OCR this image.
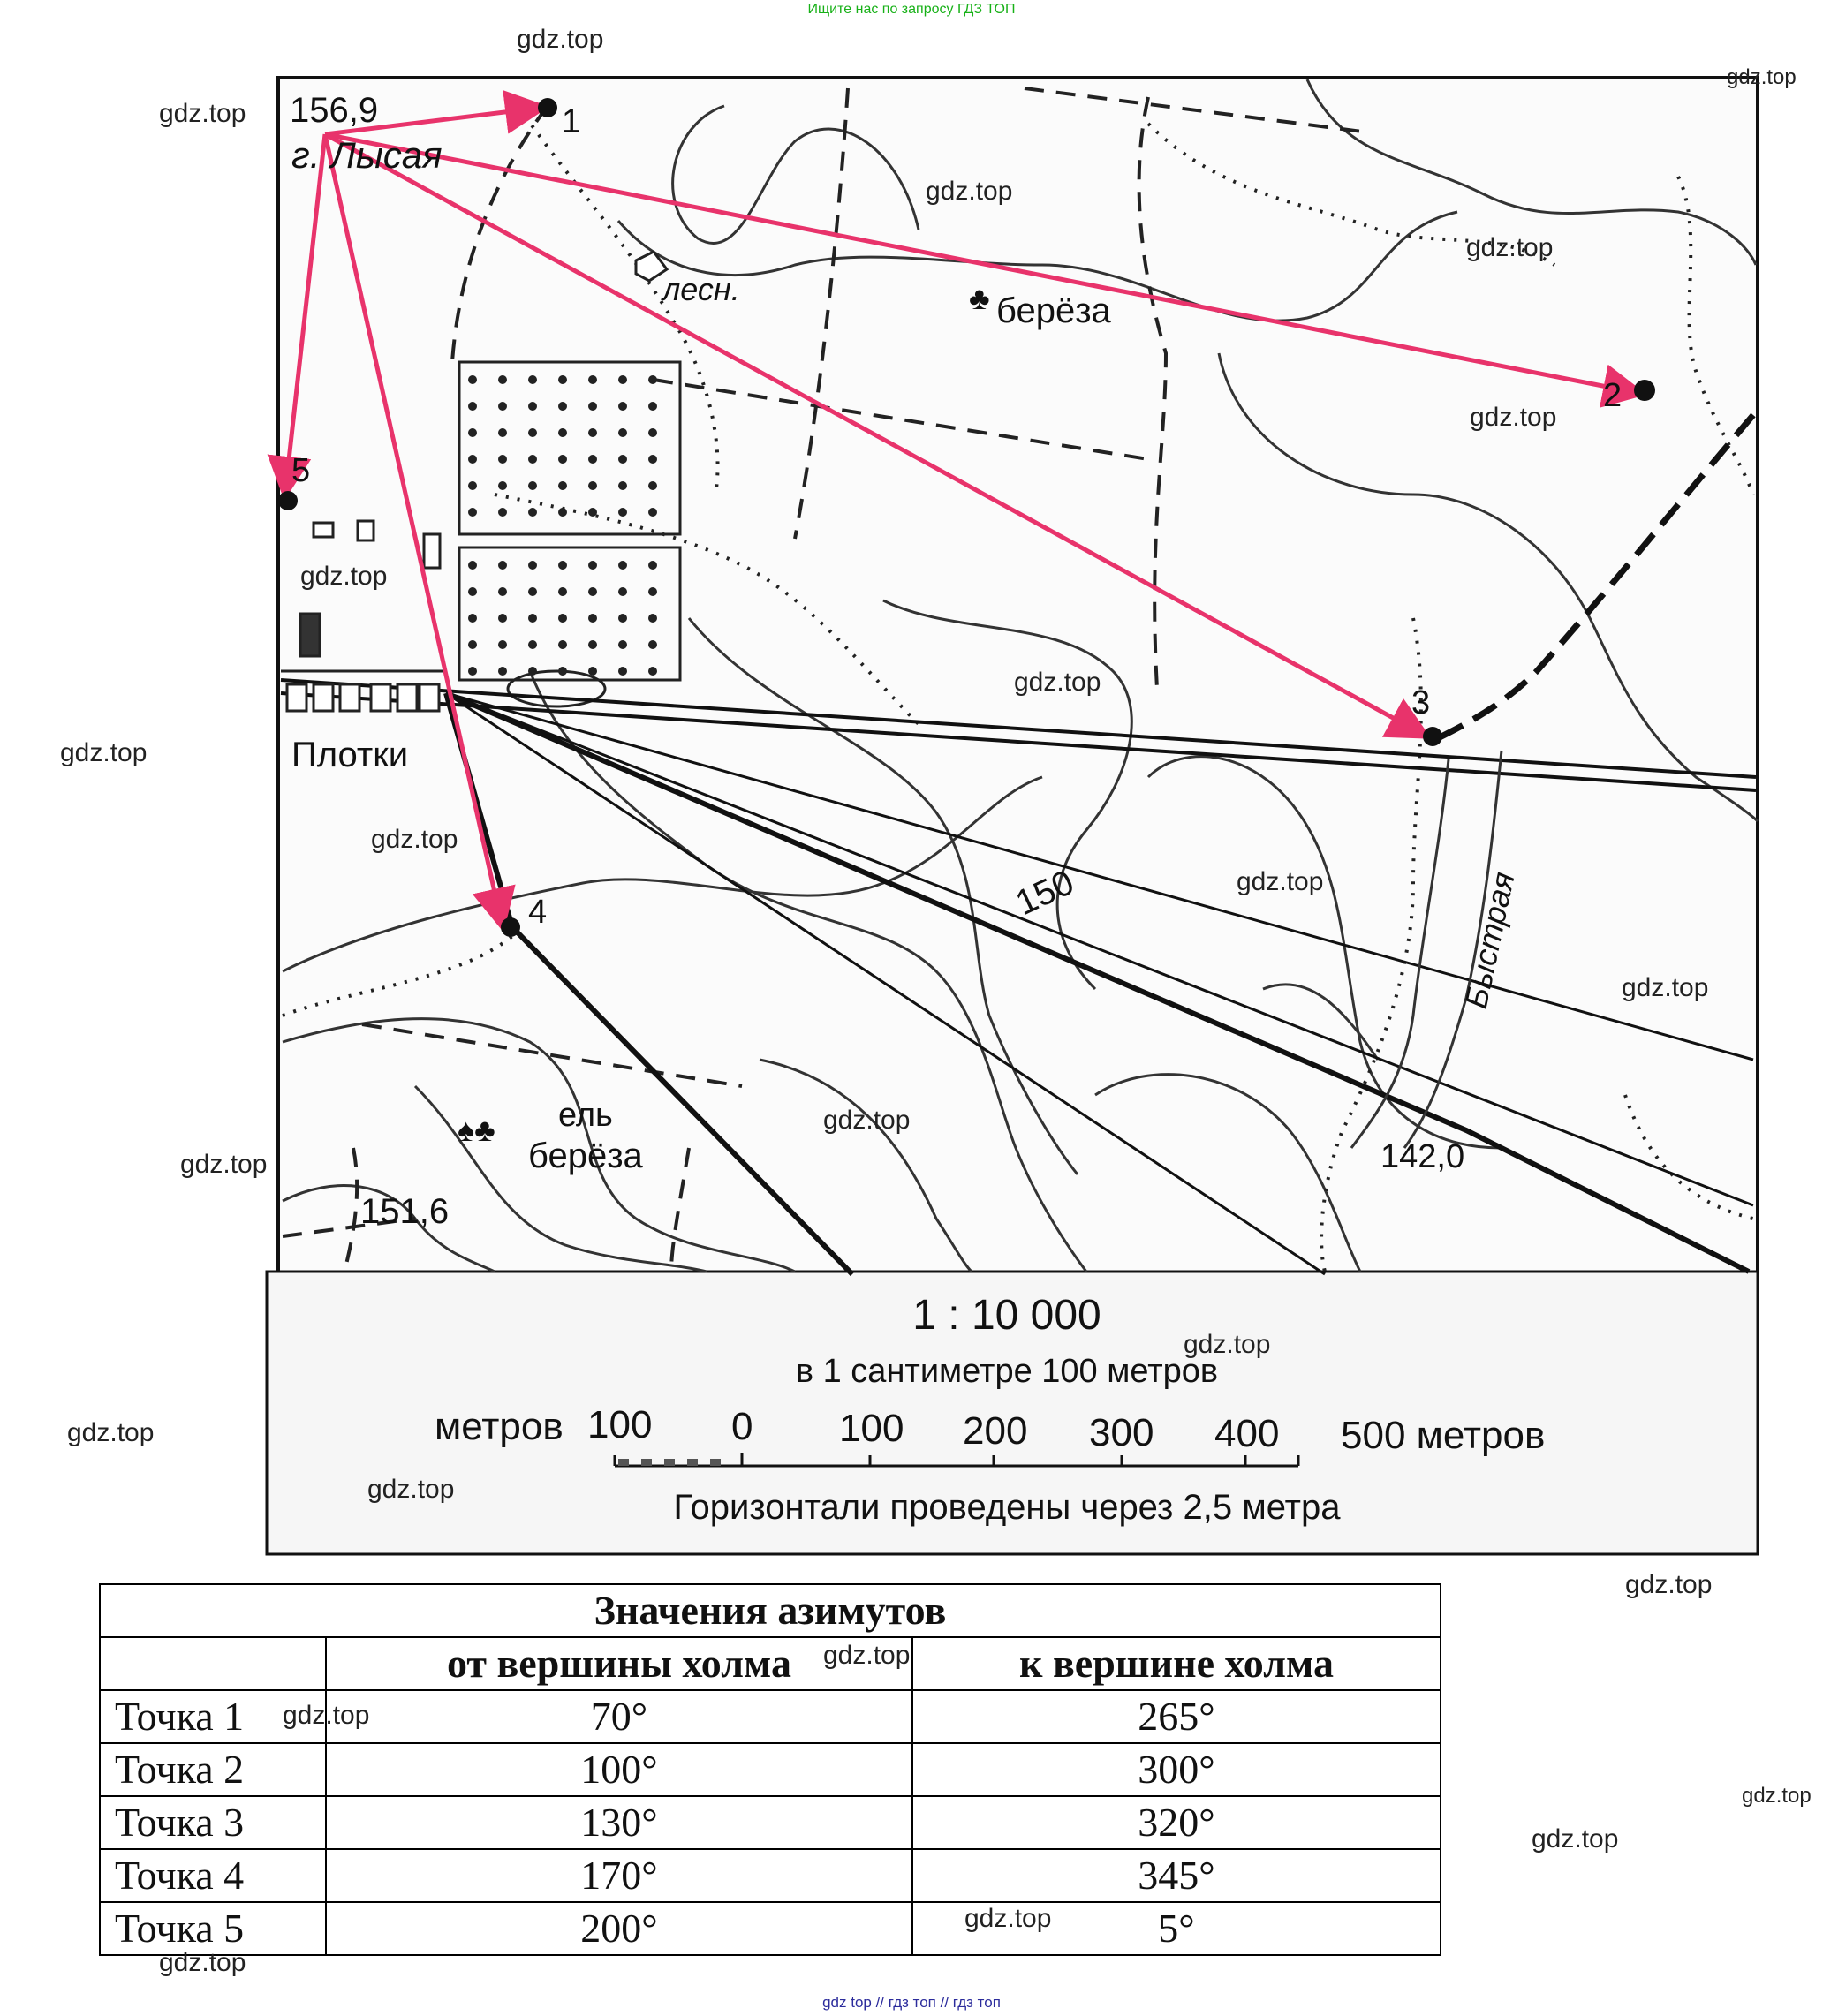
Ищите нас по запросу ГДЗ ТОП
♣
♠♣
156,9
г. Лысая
лесн.
берёза
Плотки
ель
берёза
151,6
142,0
150	Быстрая
1
2
3
4
5
метров 100 0 100 200 300 400 500 метров
1 : 10 000
в 1 сантиметре 100 метров
Горизонтали проведены через 2,5 метра
Значения азимутов		
	от вершины холма	к вершине холма
Точка 1	70°	265°
Точка 2	100°	300°
Точка 3	130°	320°
Точка 4	170°	345°
Точка 5	200°	5°
gdz.top
gdz.top
gdz.top
gdz.top
gdz.top
gdz.top
gdz.top
gdz.top
gdz.top
gdz.top
gdz.top
gdz.top
gdz.top
gdz.top
gdz.top
gdz.top
gdz.top
gdz.top
gdz.top
gdz.top
gdz.top
gdz.top
gdz.top
gdz.top
gdz top // гдз топ // гдз топ
